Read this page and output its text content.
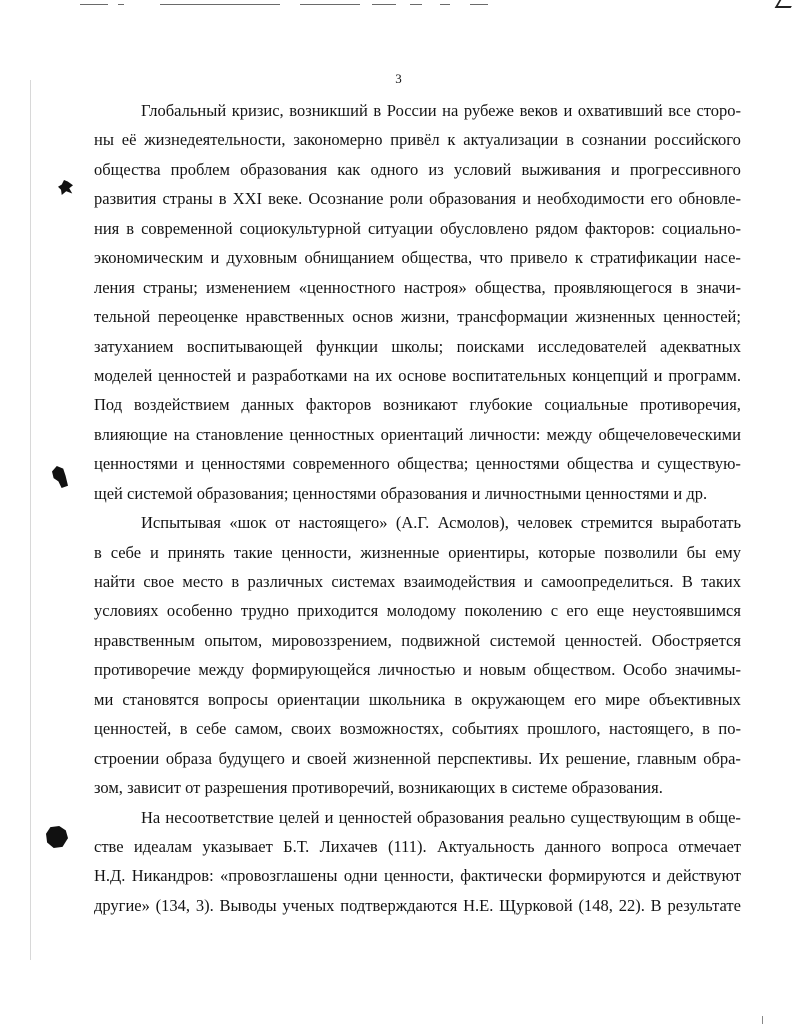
3
Глобальный кризис, возникший в России на рубеже веков и охвативший все сторо-
ны её жизнедеятельности, закономерно привёл к актуализации в сознании российского
общества проблем образования как одного из условий выживания и прогрессивного
развития страны в XXI веке. Осознание роли образования и необходимости его обновле-
ния в современной социокультурной ситуации обусловлено рядом факторов: социально-
экономическим и духовным обнищанием общества, что привело к стратификации насе-
ления страны; изменением «ценностного настроя» общества, проявляющегося в значи-
тельной переоценке нравственных основ жизни, трансформации жизненных ценностей;
затуханием воспитывающей функции школы; поисками исследователей адекватных
моделей ценностей и разработками на их основе воспитательных концепций и программ.
Под воздействием данных факторов возникают глубокие социальные противоречия,
влияющие на становление ценностных ориентаций личности: между общечеловеческими
ценностями и ценностями современного общества; ценностями общества и существую-
щей системой образования; ценностями образования и личностными ценностями и др.
Испытывая «шок от настоящего» (А.Г. Асмолов), человек стремится выработать
в себе и принять такие ценности, жизненные ориентиры, которые позволили бы ему
найти свое место в различных системах взаимодействия и самоопределиться. В таких
условиях особенно трудно приходится молодому поколению с его еще неустоявшимся
нравственным опытом, мировоззрением, подвижной системой ценностей. Обостряется
противоречие между формирующейся личностью и новым обществом. Особо значимы-
ми становятся вопросы ориентации школьника в окружающем его мире объективных
ценностей, в себе самом, своих возможностях, событиях прошлого, настоящего, в по-
строении образа будущего и своей жизненной перспективы. Их решение, главным обра-
зом, зависит от разрешения противоречий, возникающих в системе образования.
На несоответствие целей и ценностей образования реально существующим в обще-
стве идеалам указывает Б.Т. Лихачев (111). Актуальность данного вопроса отмечает
Н.Д. Никандров: «провозглашены одни ценности, фактически формируются и действуют
другие» (134, 3). Выводы ученых подтверждаются Н.Е. Щурковой (148, 22). В результате
